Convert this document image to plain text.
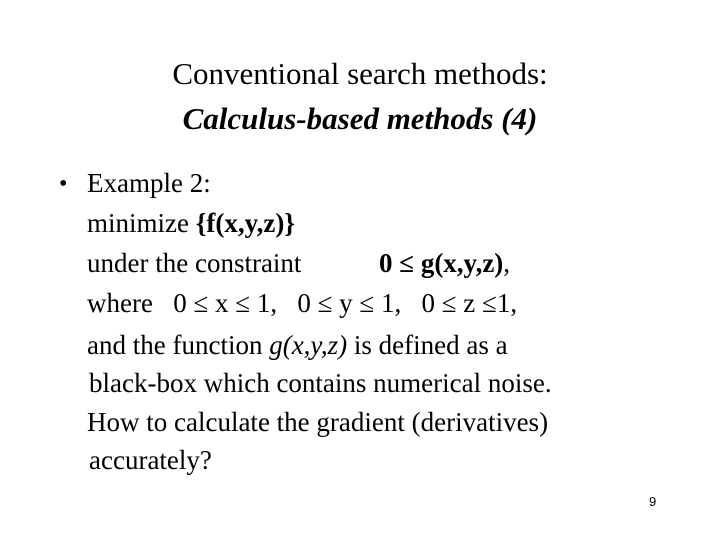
Conventional search methods:
Calculus-based methods (4)
• Example 2:
minimize {f(x,y,z)}
under the constraint	0 ≤ g(x,y,z),
where   0 ≤ x ≤ 1,   0 ≤ y ≤ 1,   0 ≤ z ≤1,
and the function g(x,y,z) is defined as a
black-box which contains numerical noise.
How to calculate the gradient (derivatives)
accurately?
9
